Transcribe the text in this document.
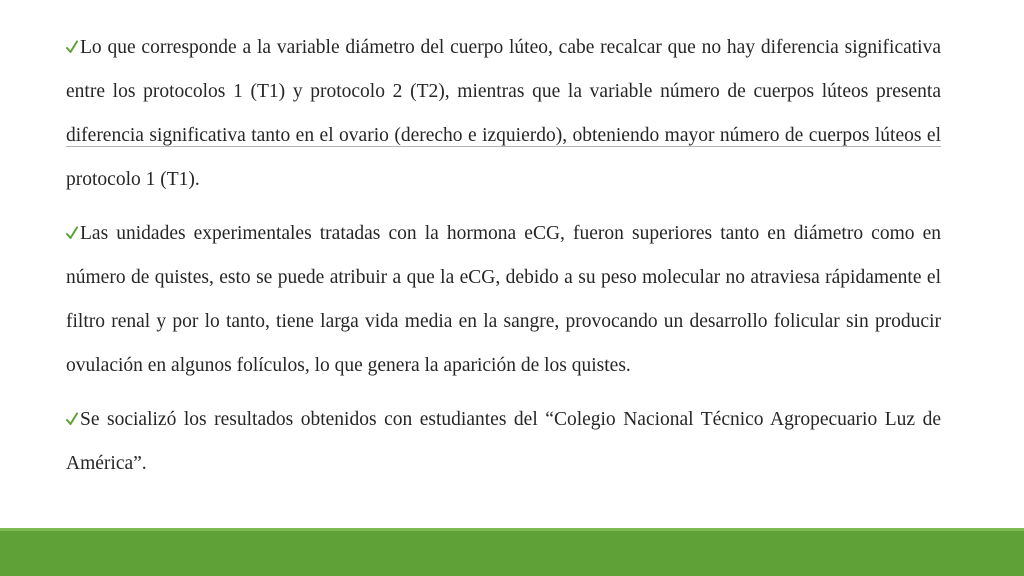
Lo que corresponde a la variable diámetro del cuerpo lúteo, cabe recalcar que no hay diferencia significativa entre los protocolos 1 (T1) y protocolo 2 (T2), mientras que la variable número de cuerpos lúteos presenta diferencia significativa tanto en el ovario (derecho e izquierdo), obteniendo mayor número de cuerpos lúteos el protocolo 1 (T1).

Las unidades experimentales tratadas con la hormona eCG, fueron superiores tanto en diámetro como en número de quistes, esto se puede atribuir a que la eCG, debido a su peso molecular no atraviesa rápidamente el filtro renal y por lo tanto, tiene larga vida media en la sangre, provocando un desarrollo folicular sin producir ovulación en algunos folículos, lo que genera la aparición de los quistes.

Se socializó los resultados obtenidos con estudiantes del “Colegio Nacional Técnico Agropecuario Luz de América”.
